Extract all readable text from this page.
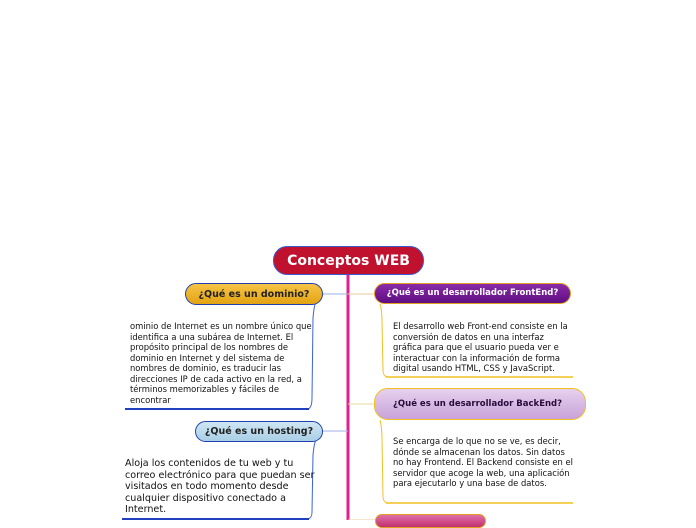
Conceptos WEB
¿Qué es un dominio?
ominio de Internet es un nombre único que identifica a una subárea de Internet. El propósito principal de los nombres de dominio en Internet y del sistema de nombres de dominio, es traducir las direcciones IP de cada activo en la red, a términos memorizables y fáciles de encontrar
¿Qué es un hosting?
Aloja los contenidos de tu web y tu correo electrónico para que puedan ser visitados en todo momento desde cualquier dispositivo conectado a Internet.
¿Qué es un desarrollador FrontEnd?
El desarrollo web Front-end consiste en la conversión de datos en una interfaz gráfica para que el usuario pueda ver e interactuar con la información de forma digital usando HTML, CSS y JavaScript.
¿Qué es un desarrollador BackEnd?
Se encarga de lo que no se ve, es decir, dónde se almacenan los datos. Sin datos no hay Frontend. El Backend consiste en el servidor que acoge la web, una aplicación para ejecutarlo y una base de datos.
